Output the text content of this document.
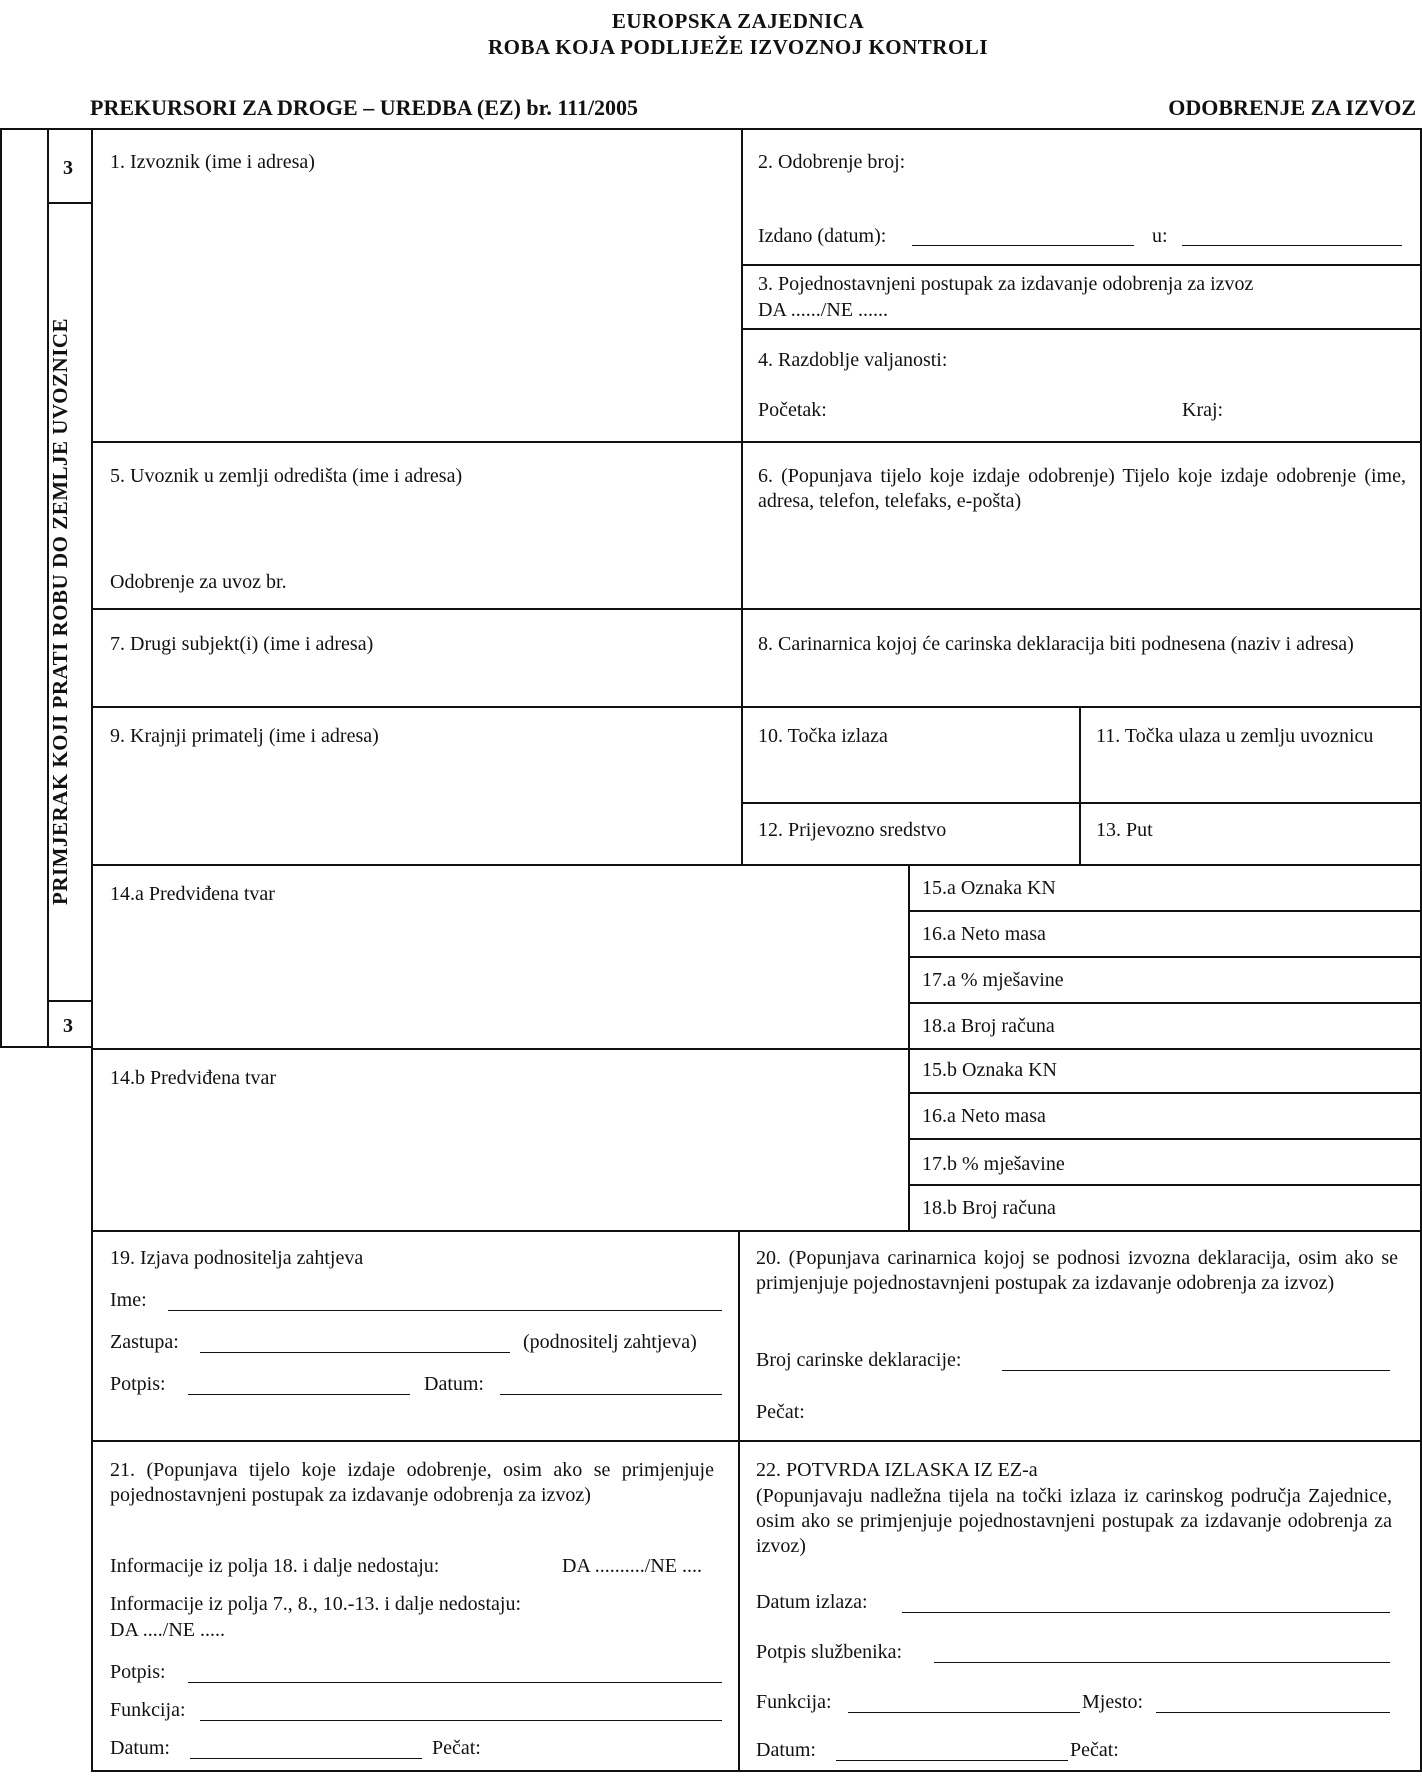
EUROPSKA ZAJEDNICA
ROBA KOJA PODLIJEŽE IZVOZNOJ KONTROLI
PREKURSORI ZA DROGE – UREDBA (EZ) br. 111/2005	ODOBRENJE ZA IZVOZ
3
3
PRIMJERAK KOJI PRATI ROBU DO ZEMLJE UVOZNICE
1. Izvoznik (ime i adresa)	2. Odobrenje broj:
Izdano (datum):	u:
3. Pojednostavnjeni postupak za izdavanje odobrenja za izvoz
DA ....../NE ......
4. Razdoblje valjanosti:
Početak:	Kraj:
5. Uvoznik u zemlji odredišta (ime i adresa)
Odobrenje za uvoz br.
6. (Popunjava tijelo koje izdaje odobrenje) Tijelo koje izdaje odobrenje (ime, adresa, telefon, telefaks, e-pošta)
7. Drugi subjekt(i) (ime i adresa)	8. Carinarnica kojoj će carinska deklaracija biti podnesena (naziv i adresa)
9. Krajnji primatelj (ime i adresa)	10. Točka izlaza	11. Točka ulaza u zemlju uvoznicu
12. Prijevozno sredstvo	13. Put
14.a Predviđena tvar	15.a Oznaka KN
16.a Neto masa
17.a % mješavine
18.a Broj računa
14.b Predviđena tvar	15.b Oznaka KN
16.a Neto masa
17.b % mješavine
18.b Broj računa
19. Izjava podnositelja zahtjeva
Ime:
Zastupa:	(podnositelj zahtjeva)
Potpis:	Datum:
20. (Popunjava carinarnica kojoj se podnosi izvozna deklaracija, osim ako se primjenjuje pojednostavnjeni postupak za izdavanje odobrenja za izvoz)
Broj carinske deklaracije:
Pečat:
21. (Popunjava tijelo koje izdaje odobrenje, osim ako se primjenjuje pojednostavnjeni postupak za izdavanje odobrenja za izvoz)
Informacije iz polja 18. i dalje nedostaju:	DA ........../NE ....
Informacije iz polja 7., 8., 10.-13. i dalje nedostaju:
DA ..../NE .....
Potpis:
Funkcija:
Datum:	Pečat:
22. POTVRDA IZLASKA IZ EZ-a
(Popunjavaju nadležna tijela na točki izlaza iz carinskog područja Zajednice, osim ako se primjenjuje pojednostavnjeni postupak za izdavanje odobrenja za izvoz)
Datum izlaza:
Potpis službenika:
Funkcija:	Mjesto:
Datum:	Pečat:
